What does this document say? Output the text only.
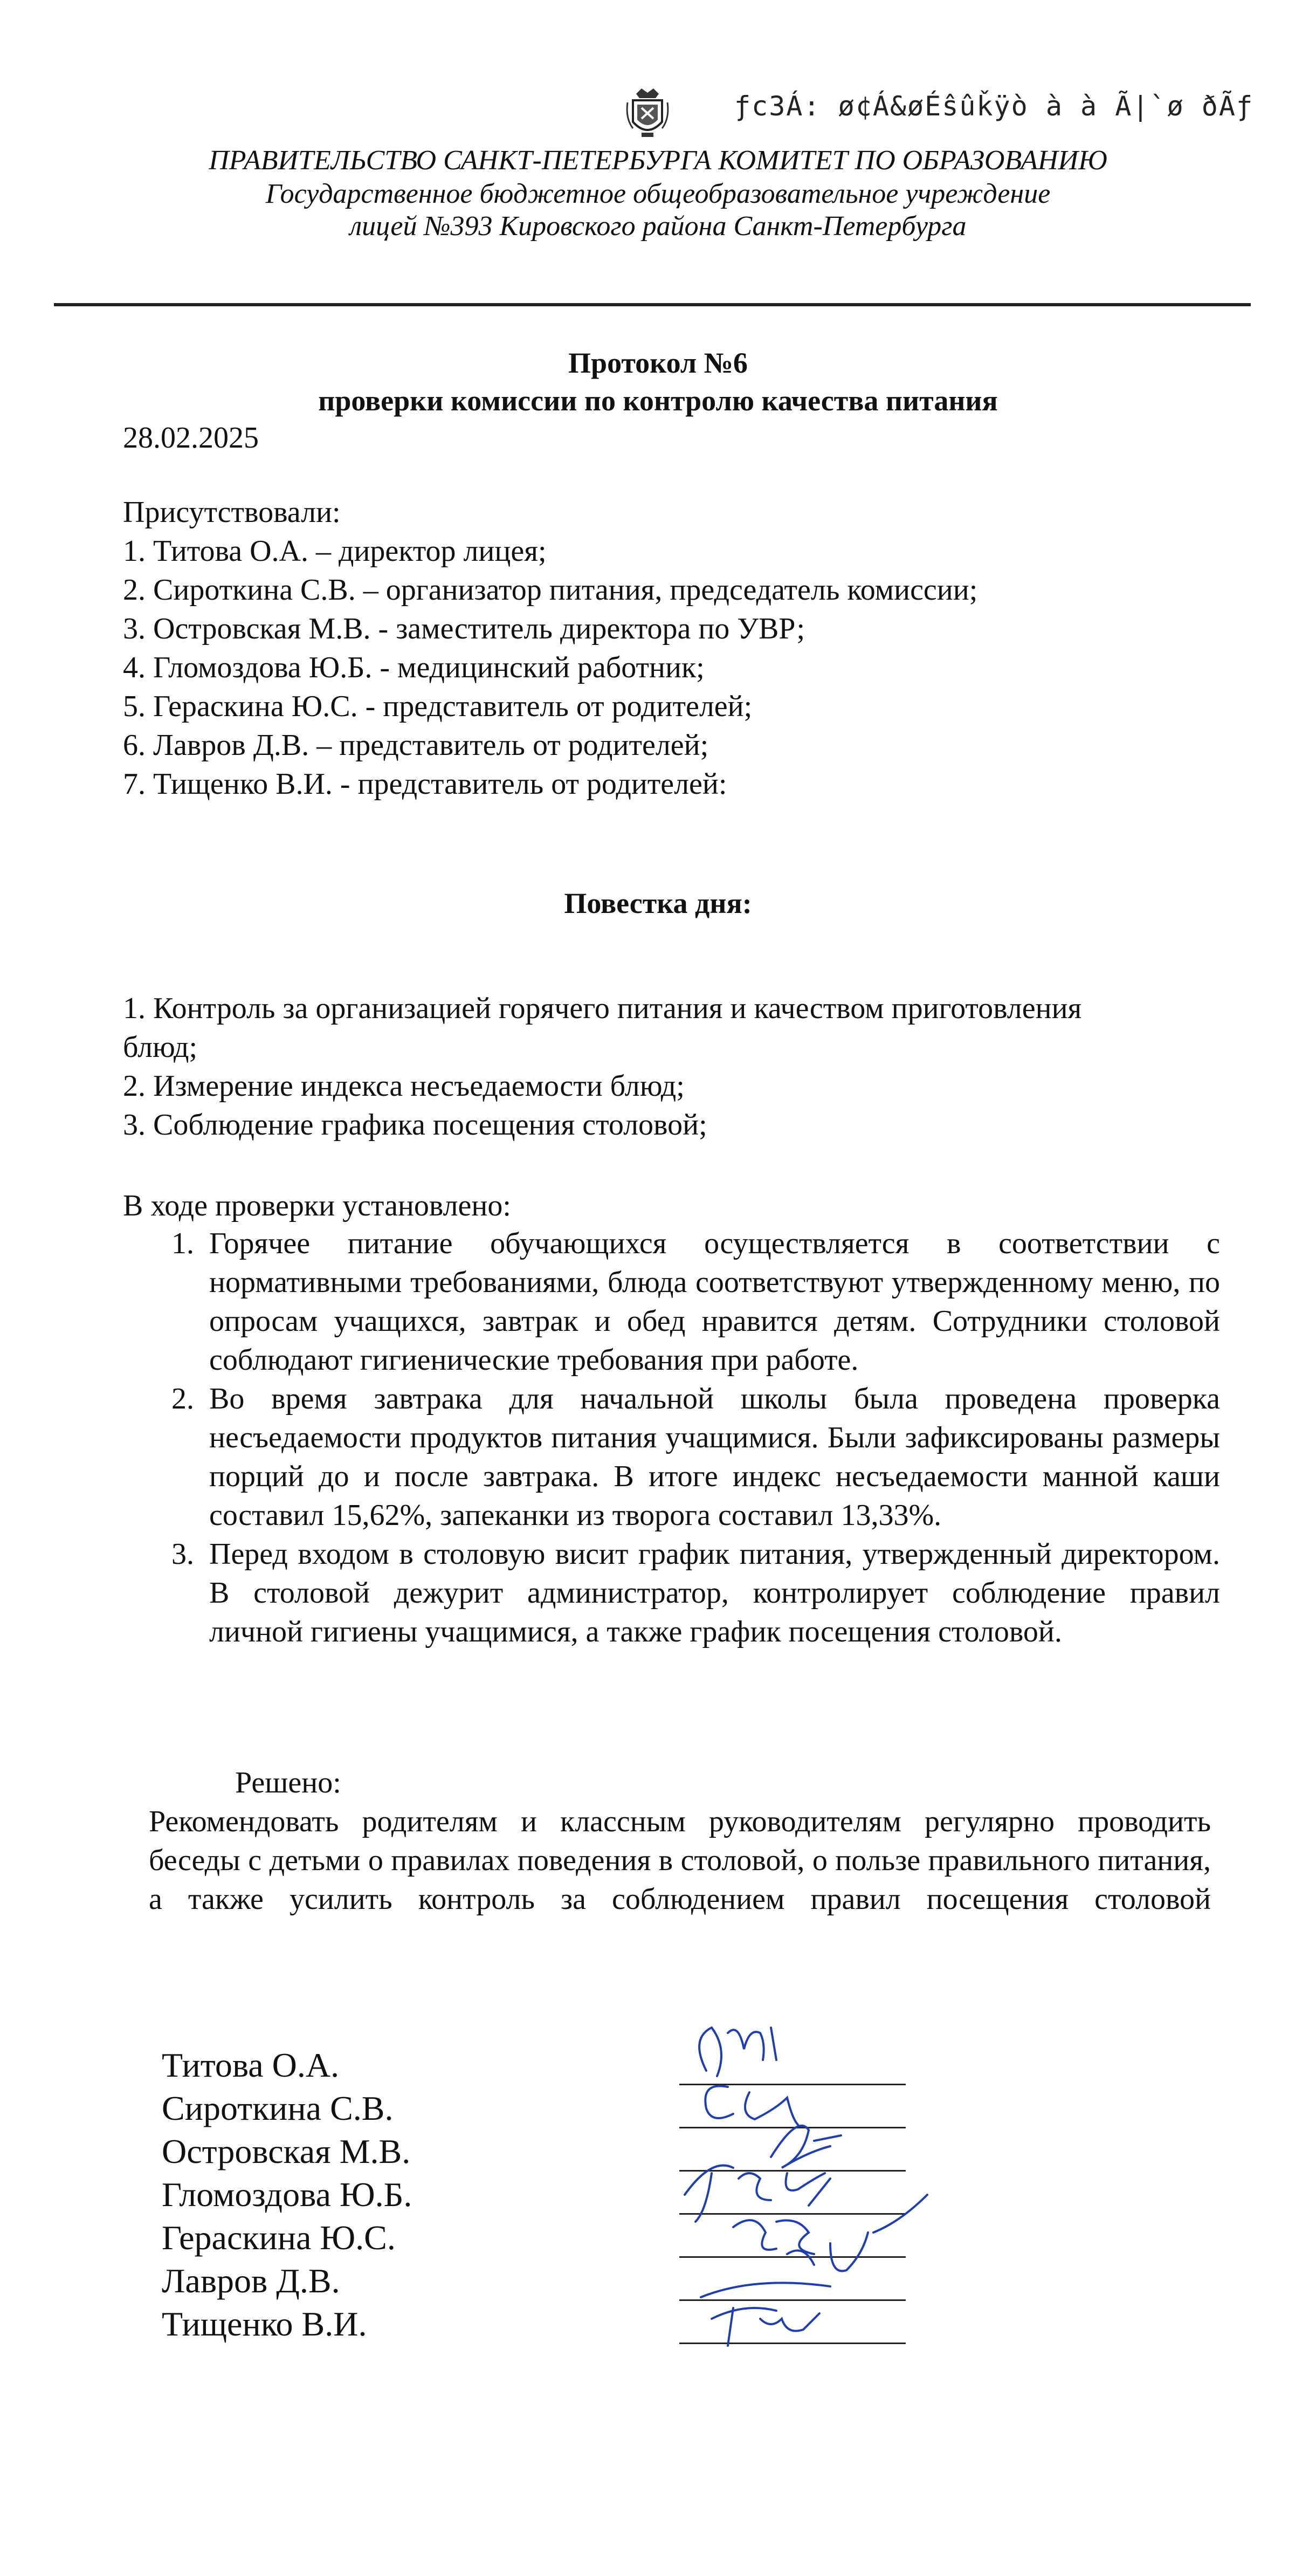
ƒc3Á: ø¢Á&øÉŝûǩÿò à à Ã|`ø ðÃƒ
ПРАВИТЕЛЬСТВО САНКТ-ПЕТЕРБУРГА КОМИТЕТ ПО ОБРАЗОВАНИЮ
Государственное бюджетное общеобразовательное учреждение
лицей №393 Кировского района Санкт-Петербурга
Протокол №6
проверки комиссии по контролю качества питания
28.02.2025
Присутствовали:
1. Титова О.А. – директор лицея;
2. Сироткина С.В. – организатор питания, председатель комиссии;
3. Островская М.В. - заместитель директора по УВР;
4. Гломоздова Ю.Б. - медицинский работник;
5. Гераскина Ю.С. - представитель от родителей;
6. Лавров Д.В. – представитель от родителей;
7. Тищенко В.И. - представитель от родителей:
Повестка дня:
1. Контроль за организацией горячего питания и качеством приготовления
блюд;
2. Измерение индекса несъедаемости блюд;
3. Соблюдение графика посещения столовой;
В ходе проверки установлено:
1. Горячее питание обучающихся осуществляется в соответствии с нормативными требованиями, блюда соответствуют утвержденному меню, по опросам учащихся, завтрак и обед нравится детям. Сотрудники столовой соблюдают гигиенические требования при работе.
2. Во время завтрака для начальной школы была проведена проверка несъедаемости продуктов питания учащимися. Были зафиксированы размеры порций до и после завтрака. В итоге индекс несъедаемости манной каши составил 15,62%, запеканки из творога составил 13,33%.
3. Перед входом в столовую висит график питания, утвержденный директором. В столовой дежурит администратор, контролирует соблюдение правил личной гигиены учащимися, а также график посещения столовой.
Решено:
Рекомендовать родителям и классным руководителям регулярно проводить беседы с детьми о правилах поведения в столовой, о пользе правильного питания, а также усилить контроль за соблюдением правил посещения столовой
Титова О.А.
Сироткина С.В.
Островская М.В.
Гломоздова Ю.Б.
Гераскина Ю.С.
Лавров Д.В.
Тищенко В.И.
